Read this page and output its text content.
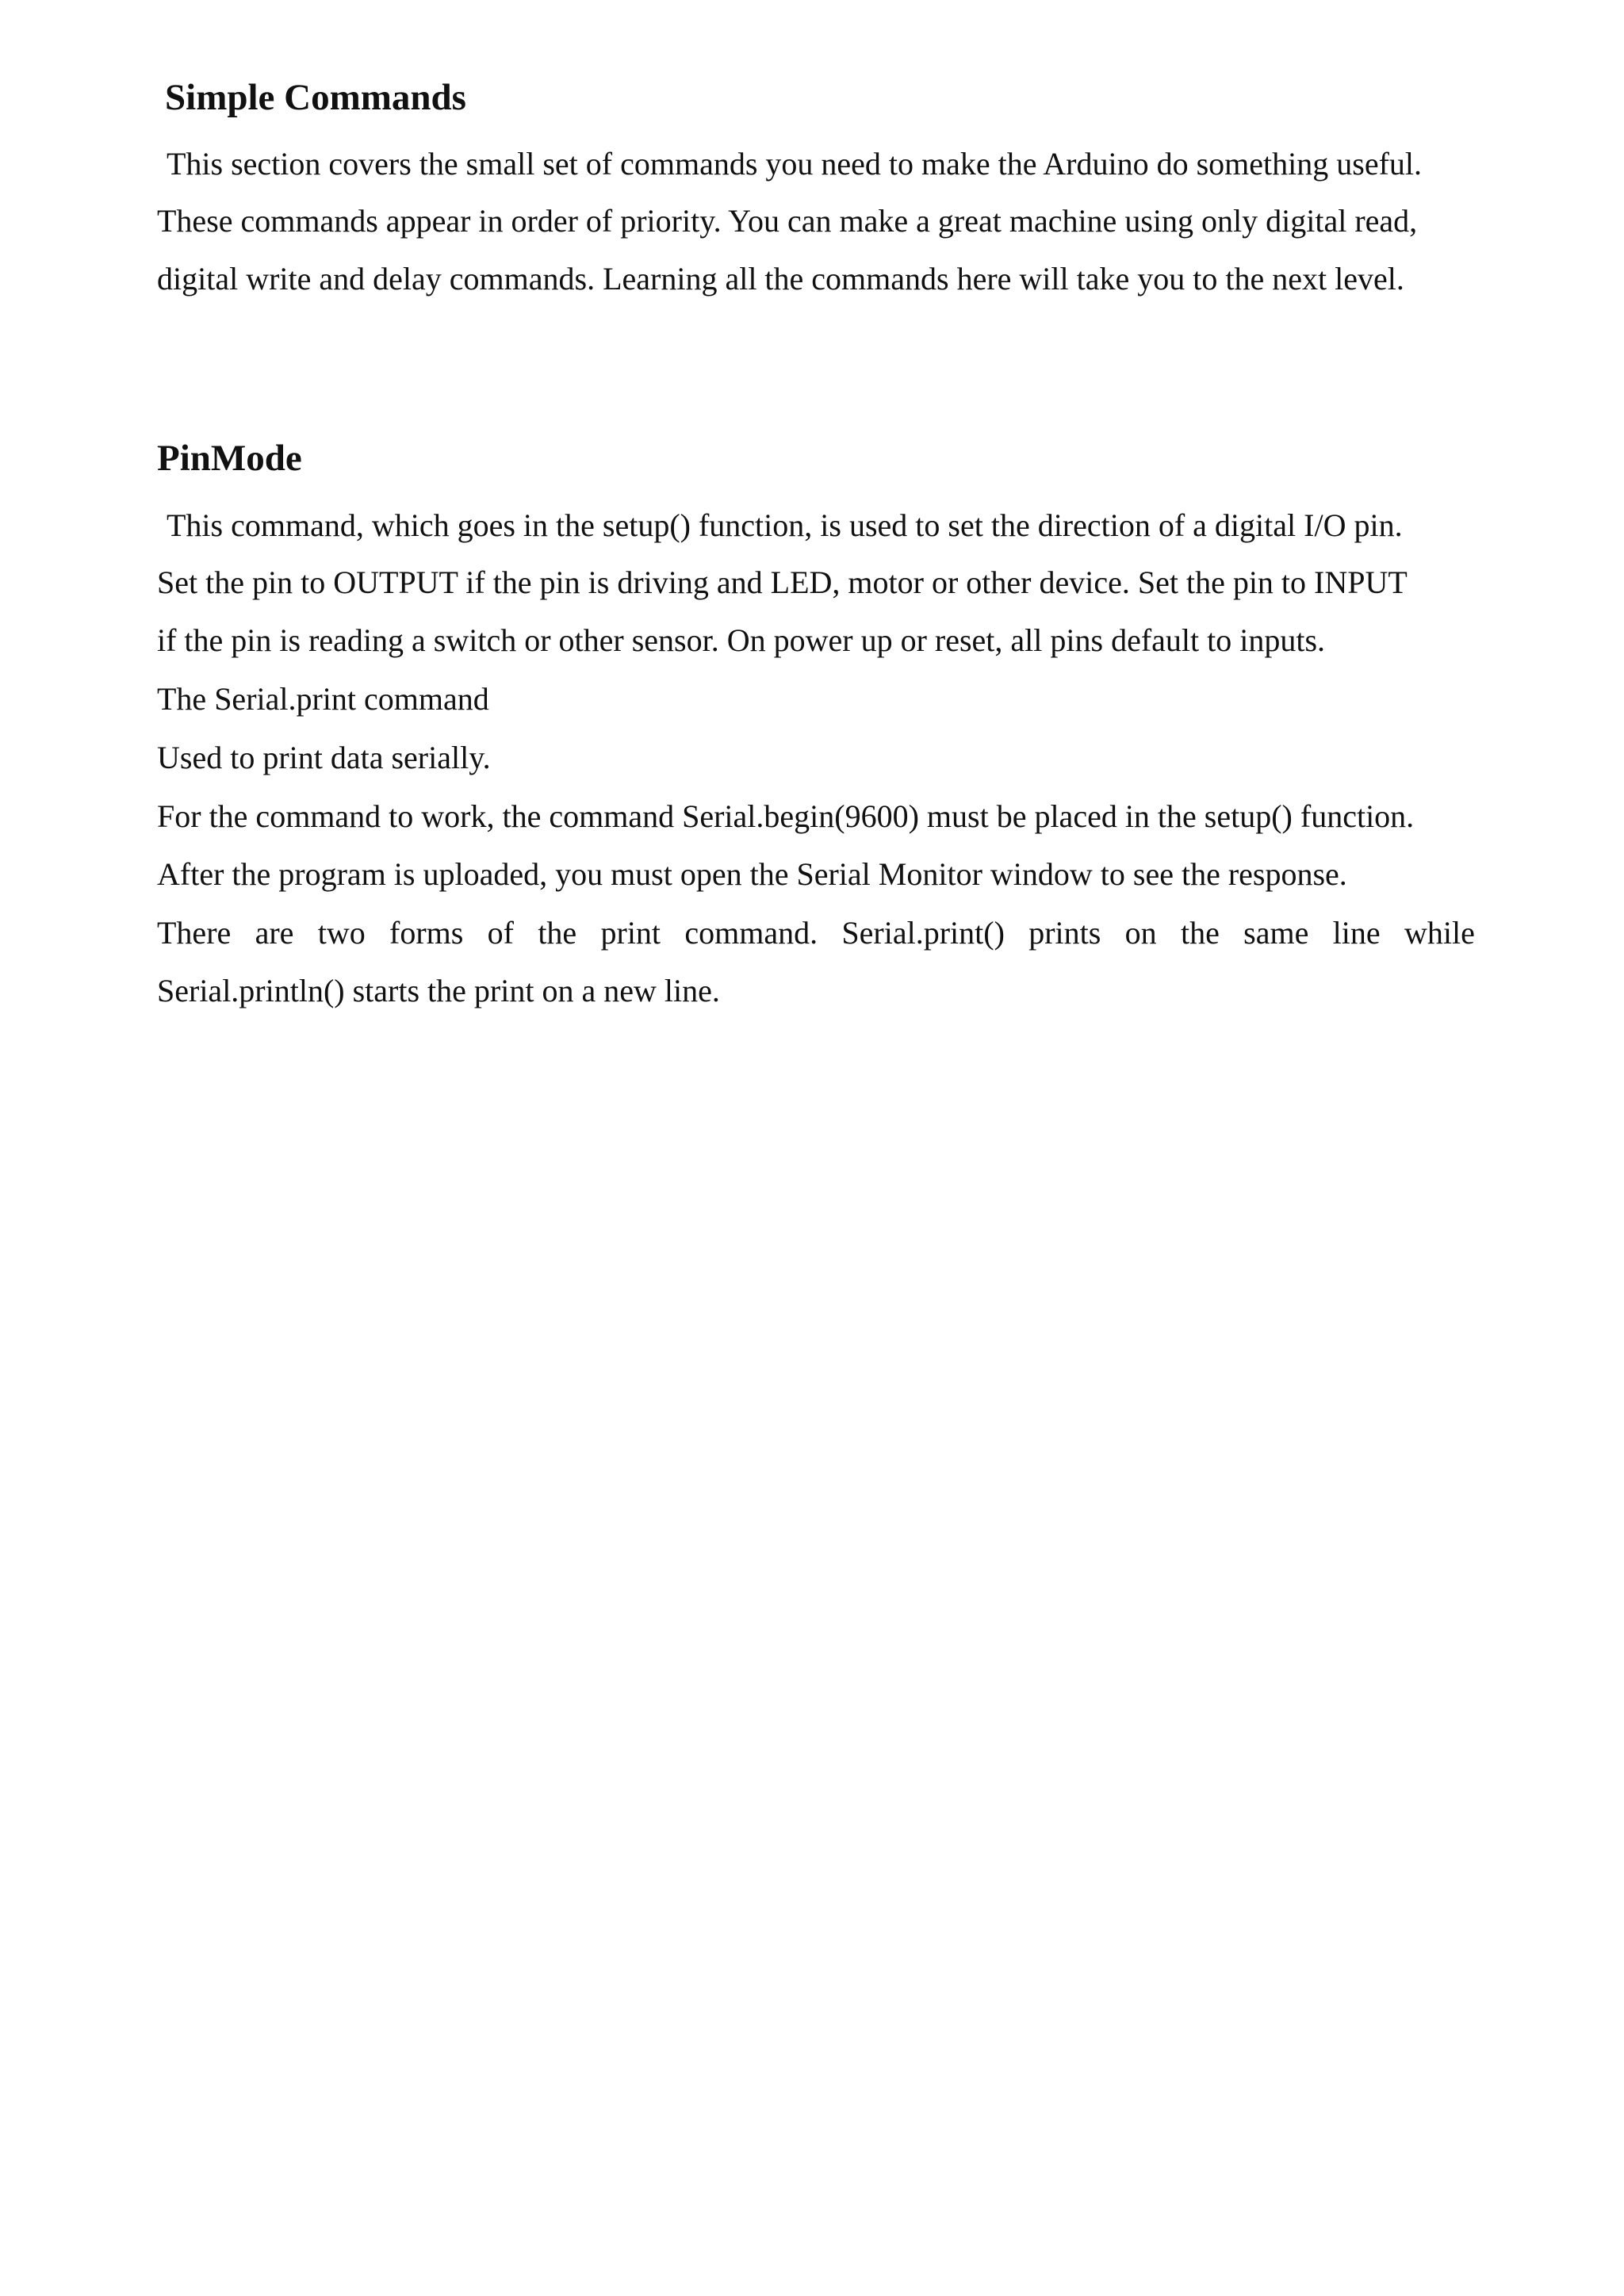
Simple Commands

This section covers the small set of commands you need to make the Arduino do something useful.

These commands appear in order of priority. You can make a great machine using only digital read,

digital write and delay commands. Learning all the commands here will take you to the next level.

PinMode

This command, which goes in the setup() function, is used to set the direction of a digital I/O pin.

Set the pin to OUTPUT if the pin is driving and LED, motor or other device. Set the pin to INPUT

if the pin is reading a switch or other sensor. On power up or reset, all pins default to inputs.

The Serial.print command

Used to print data serially.

For the command to work, the command Serial.begin(9600) must be placed in the setup() function.

After the program is uploaded, you must open the Serial Monitor window to see the response.

There are two forms of the print command. Serial.print() prints on the same line while

Serial.println() starts the print on a new line.
